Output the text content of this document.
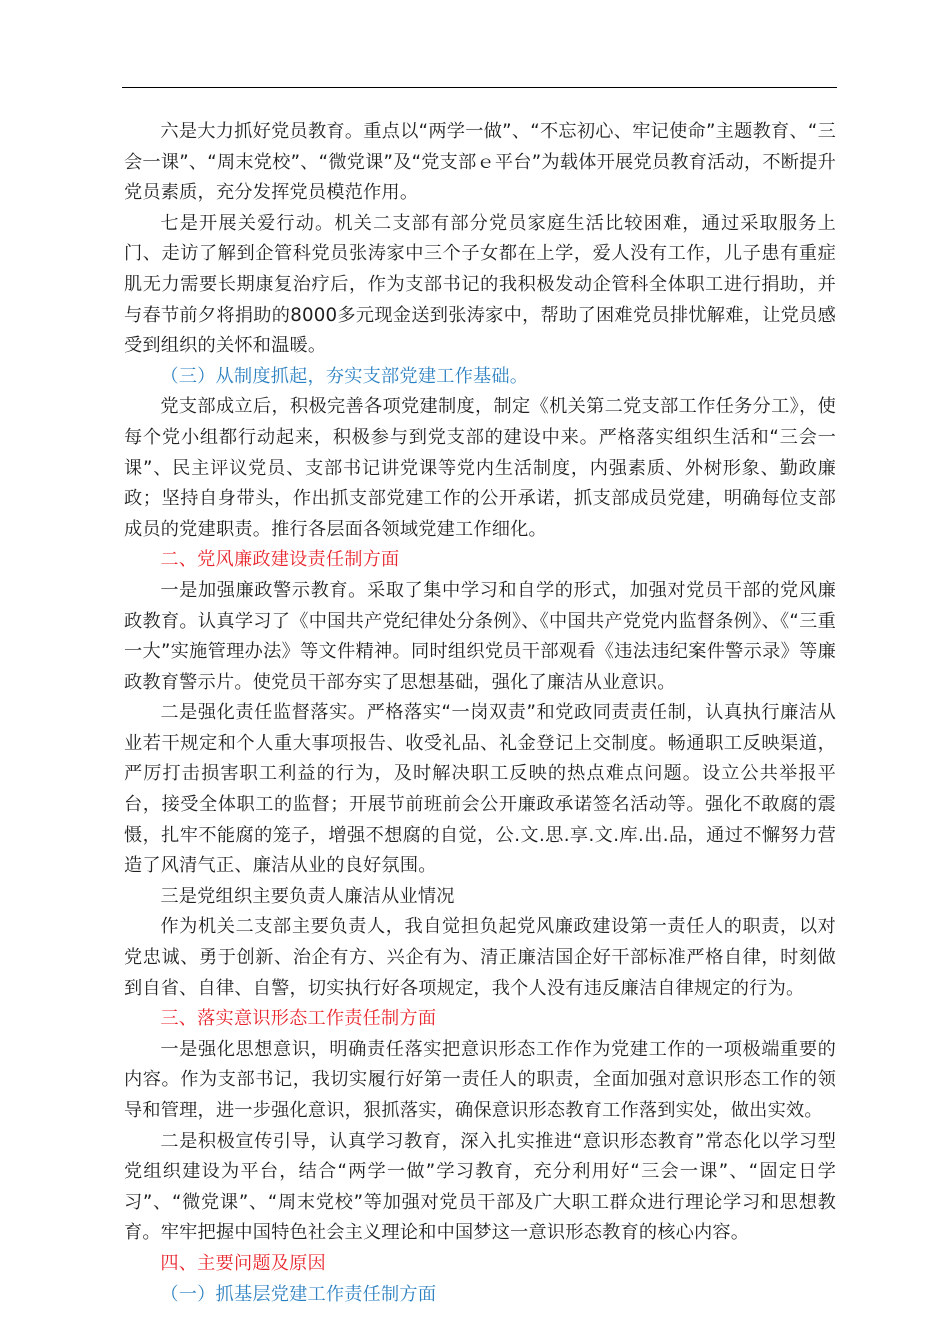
六是大力抓好党员教育。重点以“两学一做”、“不忘初心、牢记使命”主题教育、“三会一课”、“周末党校”、“微党课”及“党支部ｅ平台”为载体开展党员教育活动，不断提升党员素质，充分发挥党员模范作用。

七是开展关爱行动。机关二支部有部分党员家庭生活比较困难，通过采取服务上门、走访了解到企管科党员张涛家中三个子女都在上学，爱人没有工作，儿子患有重症肌无力需要长期康复治疗后，作为支部书记的我积极发动企管科全体职工进行捐助，并与春节前夕将捐助的8000多元现金送到张涛家中，帮助了困难党员排忧解难，让党员感受到组织的关怀和温暖。

（三）从制度抓起，夯实支部党建工作基础。

党支部成立后，积极完善各项党建制度，制定《机关第二党支部工作任务分工》，使每个党小组都行动起来，积极参与到党支部的建设中来。严格落实组织生活和“三会一课”、民主评议党员、支部书记讲党课等党内生活制度，内强素质、外树形象、勤政廉政；坚持自身带头，作出抓支部党建工作的公开承诺，抓支部成员党建，明确每位支部成员的党建职责。推行各层面各领域党建工作细化。

二、党风廉政建设责任制方面

一是加强廉政警示教育。采取了集中学习和自学的形式，加强对党员干部的党风廉政教育。认真学习了《中国共产党纪律处分条例》、《中国共产党党内监督条例》、《“三重一大”实施管理办法》等文件精神。同时组织党员干部观看《违法违纪案件警示录》等廉政教育警示片。使党员干部夯实了思想基础，强化了廉洁从业意识。

二是强化责任监督落实。严格落实“一岗双责”和党政同责责任制，认真执行廉洁从业若干规定和个人重大事项报告、收受礼品、礼金登记上交制度。畅通职工反映渠道，严厉打击损害职工利益的行为，及时解决职工反映的热点难点问题。设立公共举报平台，接受全体职工的监督；开展节前班前会公开廉政承诺签名活动等。强化不敢腐的震慑，扎牢不能腐的笼子，增强不想腐的自觉，公.文.思.享.文.库.出.品，通过不懈努力营造了风清气正、廉洁从业的良好氛围。

三是党组织主要负责人廉洁从业情况

作为机关二支部主要负责人，我自觉担负起党风廉政建设第一责任人的职责，以对党忠诚、勇于创新、治企有方、兴企有为、清正廉洁国企好干部标准严格自律，时刻做到自省、自律、自警，切实执行好各项规定，我个人没有违反廉洁自律规定的行为。

三、落实意识形态工作责任制方面

一是强化思想意识，明确责任落实把意识形态工作作为党建工作的一项极端重要的内容。作为支部书记，我切实履行好第一责任人的职责，全面加强对意识形态工作的领导和管理，进一步强化意识，狠抓落实，确保意识形态教育工作落到实处，做出实效。

二是积极宣传引导，认真学习教育，深入扎实推进“意识形态教育”常态化以学习型党组织建设为平台，结合“两学一做”学习教育，充分利用好“三会一课”、“固定日学习”、“微党课”、“周末党校”等加强对党员干部及广大职工群众进行理论学习和思想教育。牢牢把握中国特色社会主义理论和中国梦这一意识形态教育的核心内容。

四、主要问题及原因

（一）抓基层党建工作责任制方面
